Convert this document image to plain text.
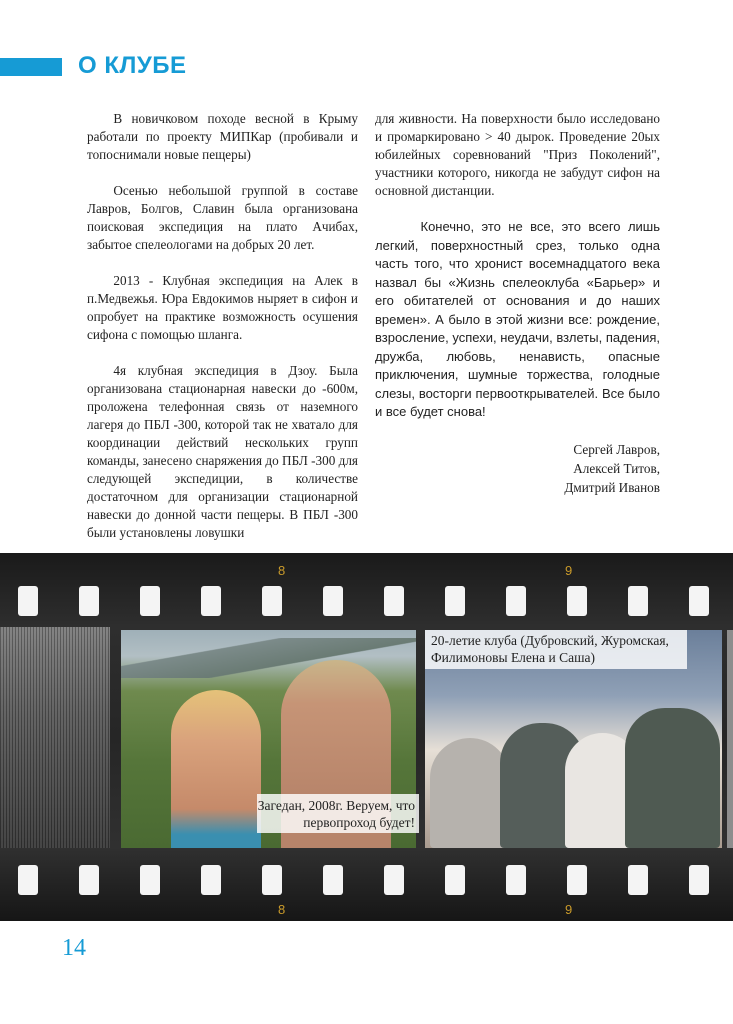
О КЛУБЕ

В новичковом походе весной в Крыму работали по проекту МИПКар (пробивали и топоснимали новые пещеры)

Осенью небольшой группой в составе Лавров, Болгов, Славин была организована поисковая экспедиция на плато Ачибах, забытое спелеологами на добрых 20 лет.

2013 - Клубная экспедиция на Алек в п.Медвежья. Юра Евдокимов ныряет в сифон и опробует на практике возможность осушения сифона с помощью шланга.

4я клубная экспедиция в Дзоу. Была организована стационарная навески до -600м, проложена телефонная связь от наземного лагеря до ПБЛ -300, которой так не хватало для координации действий нескольких групп команды, занесено снаряжения до ПБЛ -300 для следующей экспедиции, в количестве достаточном для организации стационарной навески до донной части пещеры. В ПБЛ -300 были установлены ловушки

для живности. На поверхности было исследовано и промаркировано > 40 дырок. Проведение 20ых юбилейных соревнований "Приз Поколений", участники которого, никогда не забудут сифон на основной дистанции.

Конечно, это не все, это всего лишь легкий, поверхностный срез, только одна часть того, что хронист восемнадцатого века назвал бы «Жизнь спелеоклуба «Барьер» и его обитателей от основания и до наших времен». А было в этой жизни все: рождение, взросление, успехи, неудачи, взлеты, падения, дружба, любовь, ненависть, опасные приключения, шумные торжества, голодные слезы, восторги первооткрывателей. Все было и все будет снова!

Сергей Лавров,
Алексей Титов,
Дмитрий Иванов
8	9
8	9
Загедан, 2008г. Веруем, что первопроход будет!
20-летие клуба (Дубровский, Журомская, Филимоновы Елена и Саша)
14
